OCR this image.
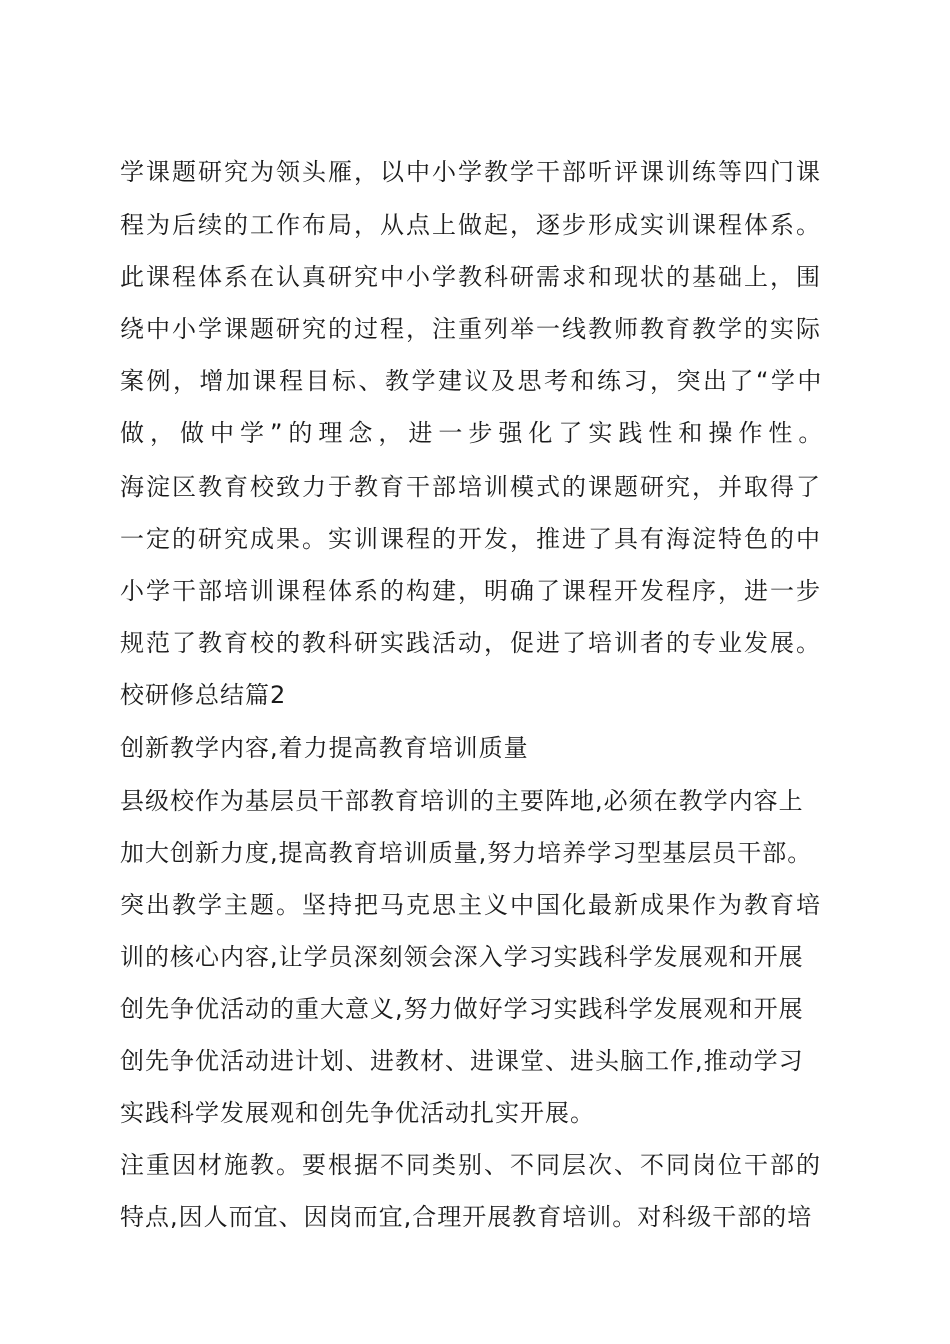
学课题研究为领头雁，以中小学教学干部听评课训练等四门课
程为后续的工作布局，从点上做起，逐步形成实训课程体系。
此课程体系在认真研究中小学教科研需求和现状的基础上，围
绕中小学课题研究的过程，注重列举一线教师教育教学的实际
案例，增加课程目标、教学建议及思考和练习，突出了“学中
做，做中学”的理念，进一步强化了实践性和操作性。
海淀区教育校致力于教育干部培训模式的课题研究，并取得了
一定的研究成果。实训课程的开发，推进了具有海淀特色的中
小学干部培训课程体系的构建，明确了课程开发程序，进一步
规范了教育校的教科研实践活动，促进了培训者的专业发展。
校研修总结篇2
创新教学内容,着力提高教育培训质量
县级校作为基层员干部教育培训的主要阵地,必须在教学内容上
加大创新力度,提高教育培训质量,努力培养学习型基层员干部。
突出教学主题。坚持把马克思主义中国化最新成果作为教育培
训的核心内容,让学员深刻领会深入学习实践科学发展观和开展
创先争优活动的重大意义,努力做好学习实践科学发展观和开展
创先争优活动进计划、进教材、进课堂、进头脑工作,推动学习
实践科学发展观和创先争优活动扎实开展。
注重因材施教。要根据不同类别、不同层次、不同岗位干部的
特点,因人而宜、因岗而宜,合理开展教育培训。对科级干部的培
